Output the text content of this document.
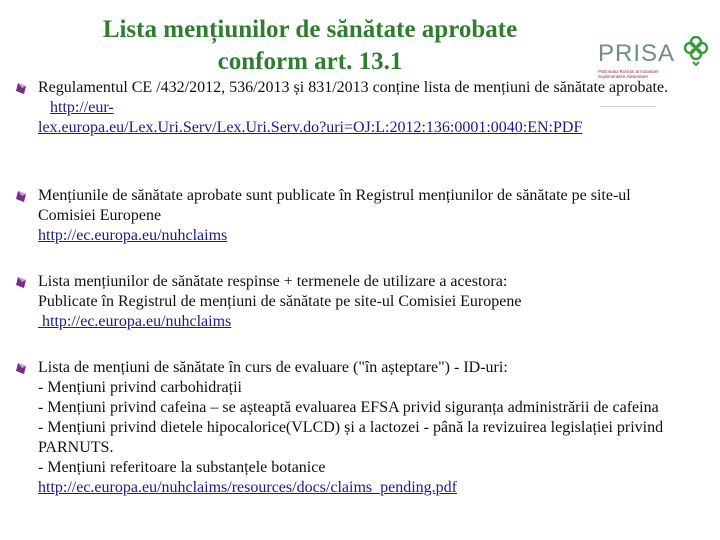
Lista mențiunilor de sănătate aprobate
conform art. 13.1	PRISA
Patronatul Român al Industriei Suplimentelor Alimentare
Regulamentul CE /432/2012, 536/2013 și 831/2013 conține lista de mențiuni de sănătate aprobate.
http://eur-
lex.europa.eu/Lex.Uri.Serv/Lex.Uri.Serv.do?uri=OJ:L:2012:136:0001:0040:EN:PDF
Mențiunile de sănătate aprobate sunt publicate în Registrul mențiunilor de sănătate pe site-ul Comisiei Europene
http://ec.europa.eu/nuhclaims
Lista mențiunilor de sănătate respinse + termenele de utilizare a acestora:
Publicate în Registrul de mențiuni de sănătate pe site-ul Comisiei Europene
http://ec.europa.eu/nuhclaims
Lista de mențiuni de sănătate în curs de evaluare ("în așteptare") - ID-uri:
- Mențiuni privind carbohidrații
- Mențiuni privind cafeina – se așteaptă evaluarea EFSA privid siguranța administrării de cafeina
- Mențiuni privind dietele hipocalorice(VLCD) și a lactozei - până la revizuirea legislației privind PARNUTS.
- Mențiuni referitoare la substanțele botanice
http://ec.europa.eu/nuhclaims/resources/docs/claims_pending.pdf
